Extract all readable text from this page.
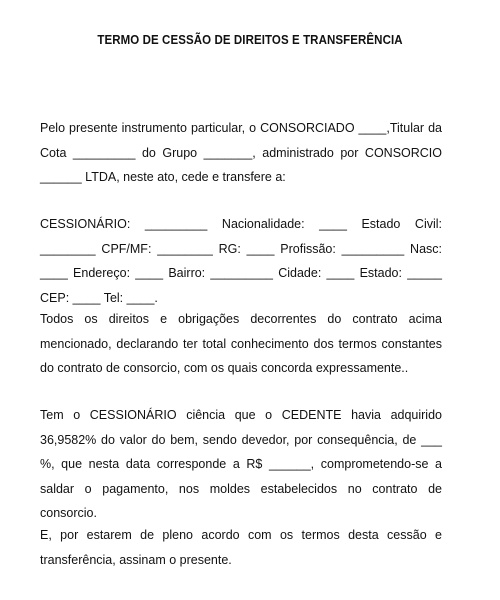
TERMO DE CESSÃO DE DIREITOS E TRANSFERÊNCIA

Pelo presente instrumento particular, o CONSORCIADO ____,Titular da Cota _________ do Grupo _______, administrado por CONSORCIO ______ LTDA, neste ato, cede e transfere a:

CESSIONÁRIO: _________ Nacionalidade: ____ Estado Civil: ________ CPF/MF: ________ RG: ____ Profissão: _________ Nasc: ____ Endereço: ____ Bairro: _________ Cidade: ____ Estado: _____ CEP: ____ Tel: ____.

Todos os direitos e obrigações decorrentes do contrato acima mencionado, declarando ter total conhecimento dos termos constantes do contrato de consorcio, com os quais concorda expressamente..

Tem o CESSIONÁRIO ciência que o CEDENTE havia adquirido 36,9582% do valor do bem, sendo devedor, por consequência, de ___ %, que nesta data corresponde a R$ ______, comprometendo-se a saldar o pagamento, nos moldes estabelecidos no contrato de consorcio.

E, por estarem de pleno acordo com os termos desta cessão e transferência, assinam o presente.
